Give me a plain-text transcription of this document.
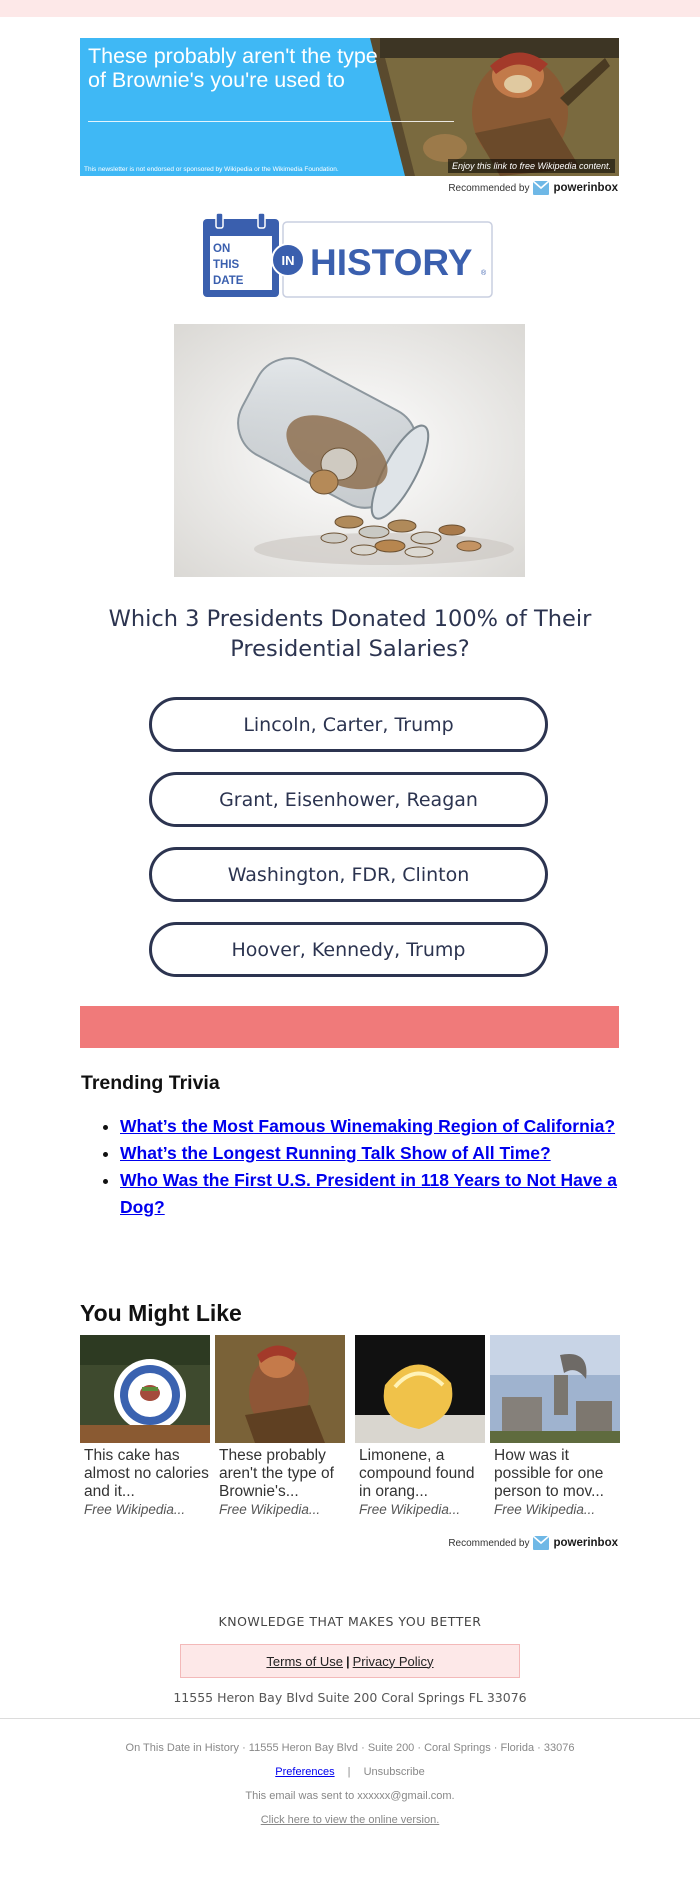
These probably aren't the type of Brownie's you're used to
This newsletter is not endorsed or sponsored by Wikipedia or the Wikimedia Foundation.	Enjoy this link to free Wikipedia content.
Recommended by powerinbox
ON
THIS
DATE
IN HISTORY ®
Which 3 Presidents Donated 100% of Their Presidential Salaries?
Lincoln, Carter, Trump
Grant, Eisenhower, Reagan
Washington, FDR, Clinton
Hoover, Kennedy, Trump
Trending Trivia
• What’s the Most Famous Winemaking Region of California?
• What’s the Longest Running Talk Show of All Time?
• Who Was the First U.S. President in 118 Years to Not Have a Dog?
You Might Like
This cake has almost no calories and it...
Free Wikipedia...
These probably aren't the type of Brownie's...
Free Wikipedia...
Limonene, a compound found in orang...
Free Wikipedia...
How was it possible for one person to mov...
Free Wikipedia...
Recommended by powerinbox
KNOWLEDGE THAT MAKES YOU BETTER
Terms of Use | Privacy Policy
11555 Heron Bay Blvd Suite 200 Coral Springs FL 33076
On This Date in History · 11555 Heron Bay Blvd · Suite 200 · Coral Springs · Florida · 33076
Preferences | Unsubscribe
This email was sent to xxxxxx@gmail.com.
Click here to view the online version.
